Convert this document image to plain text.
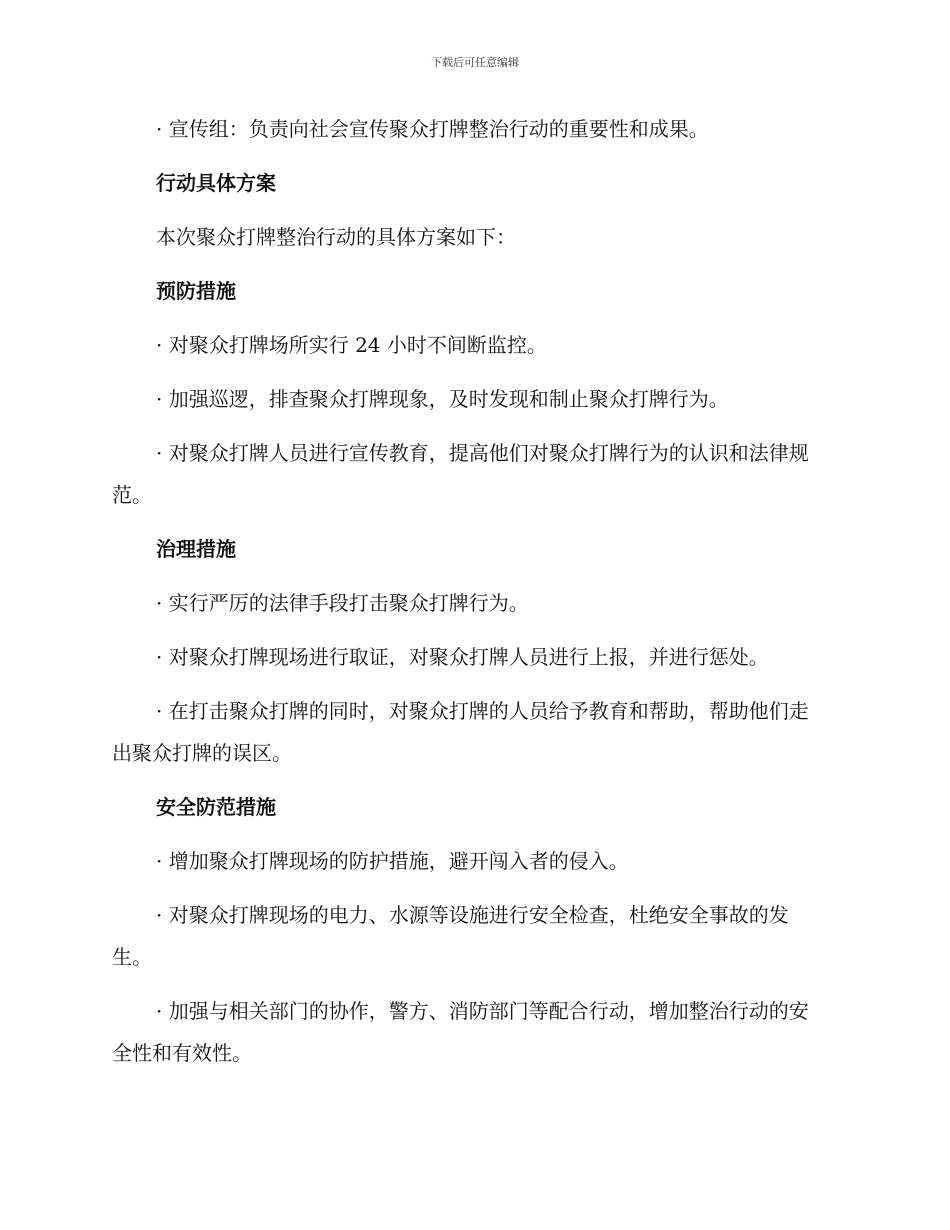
下载后可任意编辑

· 宣传组：负责向社会宣传聚众打牌整治行动的重要性和成果。

行动具体方案

本次聚众打牌整治行动的具体方案如下：

预防措施

· 对聚众打牌场所实行 24 小时不间断监控。

· 加强巡逻，排查聚众打牌现象，及时发现和制止聚众打牌行为。

· 对聚众打牌人员进行宣传教育，提高他们对聚众打牌行为的认识和法律规范。

治理措施

· 实行严厉的法律手段打击聚众打牌行为。

· 对聚众打牌现场进行取证，对聚众打牌人员进行上报，并进行惩处。

· 在打击聚众打牌的同时，对聚众打牌的人员给予教育和帮助，帮助他们走出聚众打牌的误区。

安全防范措施

· 增加聚众打牌现场的防护措施，避开闯入者的侵入。

· 对聚众打牌现场的电力、水源等设施进行安全检查，杜绝安全事故的发生。

· 加强与相关部门的协作，警方、消防部门等配合行动，增加整治行动的安全性和有效性。
